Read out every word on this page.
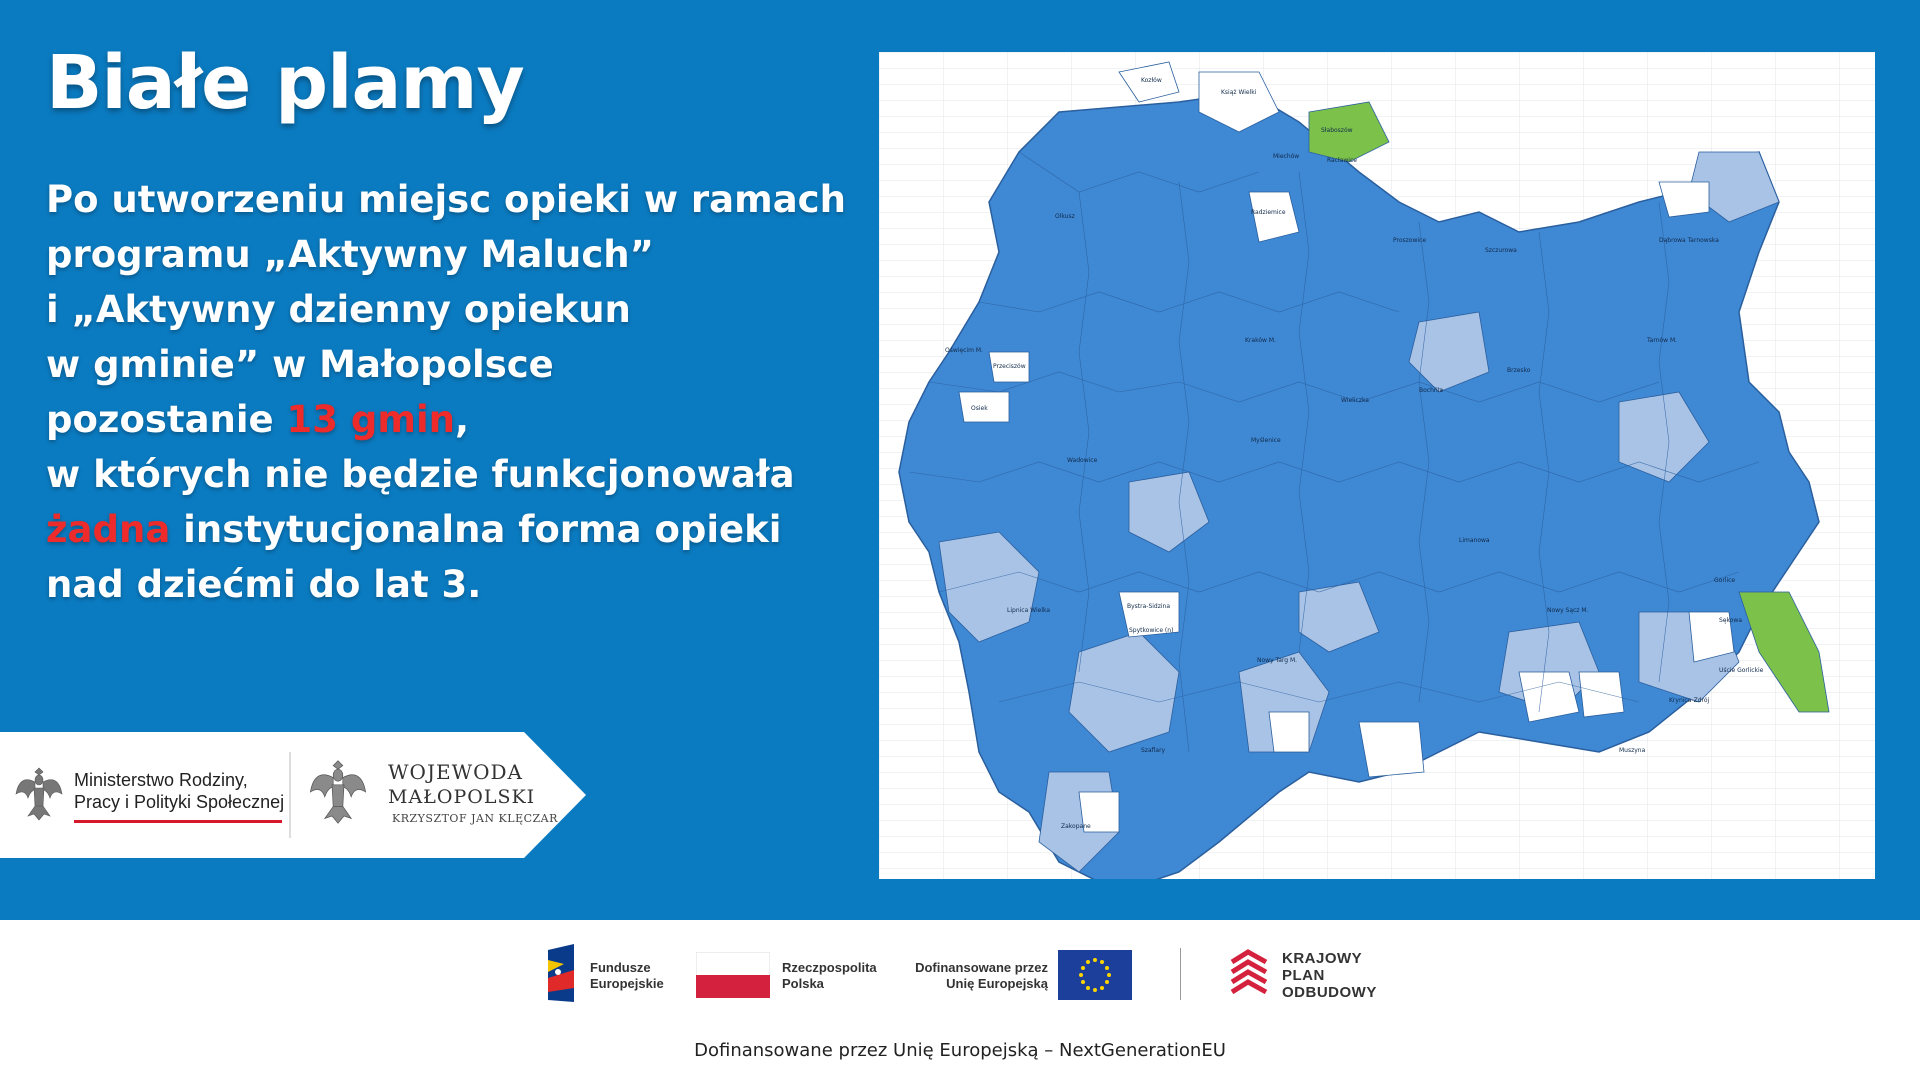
Białe plamy
Po utworzeniu miejsc opieki w ramach
programu „Aktywny Maluch”
i „Aktywny dzienny opiekun
w gminie” w Małopolsce
pozostanie 13 gmin,
w których nie będzie funkcjonowała
żadna instytucjonalna forma opieki
nad dziećmi do lat 3.
Ministerstwo Rodziny,
Pracy i Polityki Społecznej
WOJEWODA
MAŁOPOLSKI
KRZYSZTOF JAN KLĘCZAR
Kozłów
Książ Wielki
Słaboszów
Racławice
Radziemice
Szczurowa
Zakopane
Szaflary
Lipnica Wielka
Bystra-Sidzina
Spytkowice (n)
Osiek
Przeciszów
Sękowa
Krynica-Zdrój
Muszyna
Uście Gorlickie
Kraków M.	Tarnów M.
Nowy Sącz M.
Nowy Targ M.
Gorlice
Bochnia
Wieliczka
Myślenice
Limanowa
Wadowice
Oświęcim M.
Olkusz
Miechów
Proszowice
Brzesko
Dąbrowa Tarnowska
Fundusze
Europejskie
Rzeczpospolita
Polska
Dofinansowane przez
Unię Europejską
KRAJOWY
PLAN
ODBUDOWY
Dofinansowane przez Unię Europejską – NextGenerationEU
